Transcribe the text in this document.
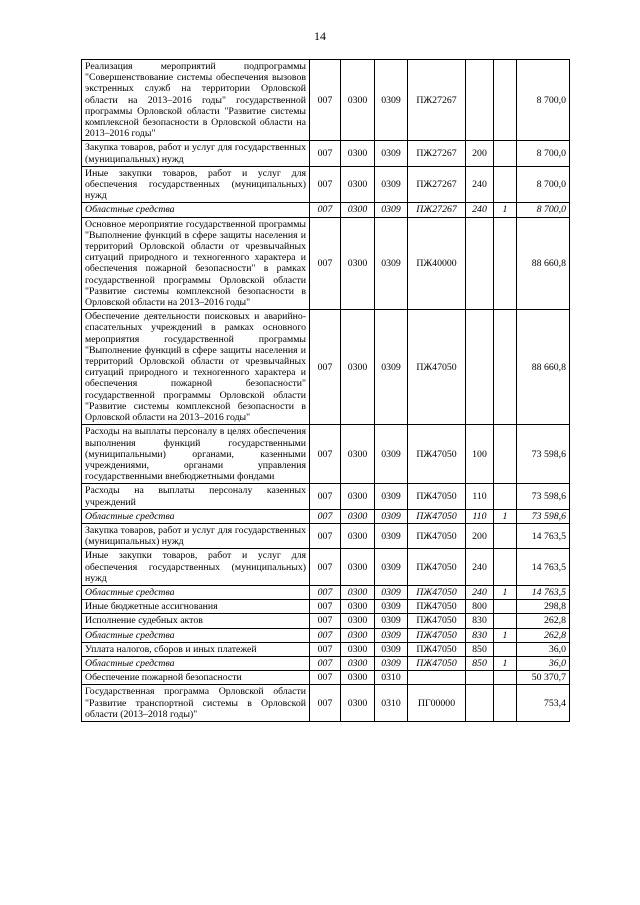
14
Реализация мероприятий подпрограммы "Совершенствование системы обеспечения вызовов экстренных служб на территории Орловской области на 2013–2016 годы" государственной программы Орловской области "Развитие системы комплексной безопасности в Орловской области на 2013–2016 годы"	007	0300	0309	ПЖ27267			8 700,0
Закупка товаров, работ и услуг для государственных (муниципальных) нужд	007	0300	0309	ПЖ27267	200		8 700,0
Иные закупки товаров, работ и услуг для обеспечения государственных (муниципальных) нужд	007	0300	0309	ПЖ27267	240		8 700,0
Областные средства	007	0300	0309	ПЖ27267	240	1	8 700,0
Основное мероприятие государственной программы "Выполнение функций в сфере защиты населения и территорий Орловской области от чрезвычайных ситуаций природного и техногенного характера и обеспечения пожарной безопасности" в рамках государственной программы Орловской области "Развитие системы комплексной безопасности в Орловской области на 2013–2016 годы"	007	0300	0309	ПЖ40000			88 660,8
Обеспечение деятельности поисковых и аварийно-спасательных учреждений в рамках основного мероприятия государственной программы "Выполнение функций в сфере защиты населения и территорий Орловской области от чрезвычайных ситуаций природного и техногенного характера и обеспечения пожарной безопасности" государственной программы Орловской области "Развитие системы комплексной безопасности в Орловской области на 2013–2016 годы"	007	0300	0309	ПЖ47050			88 660,8
Расходы на выплаты персоналу в целях обеспечения выполнения функций государственными (муниципальными) органами, казенными учреждениями, органами управления государственными внебюджетными фондами	007	0300	0309	ПЖ47050	100		73 598,6
Расходы на выплаты персоналу казенных учреждений	007	0300	0309	ПЖ47050	110		73 598,6
Областные средства	007	0300	0309	ПЖ47050	110	1	73 598,6
Закупка товаров, работ и услуг для государственных (муниципальных) нужд	007	0300	0309	ПЖ47050	200		14 763,5
Иные закупки товаров, работ и услуг для обеспечения государственных (муниципальных) нужд	007	0300	0309	ПЖ47050	240		14 763,5
Областные средства	007	0300	0309	ПЖ47050	240	1	14 763,5
Иные бюджетные ассигнования	007	0300	0309	ПЖ47050	800		298,8
Исполнение судебных актов	007	0300	0309	ПЖ47050	830		262,8
Областные средства	007	0300	0309	ПЖ47050	830	1	262,8
Уплата налогов, сборов и иных платежей	007	0300	0309	ПЖ47050	850		36,0
Областные средства	007	0300	0309	ПЖ47050	850	1	36,0
Обеспечение пожарной безопасности	007	0300	0310				50 370,7
Государственная программа Орловской области "Развитие транспортной системы в Орловской области (2013–2018 годы)"	007	0300	0310	ПГ00000			753,4
